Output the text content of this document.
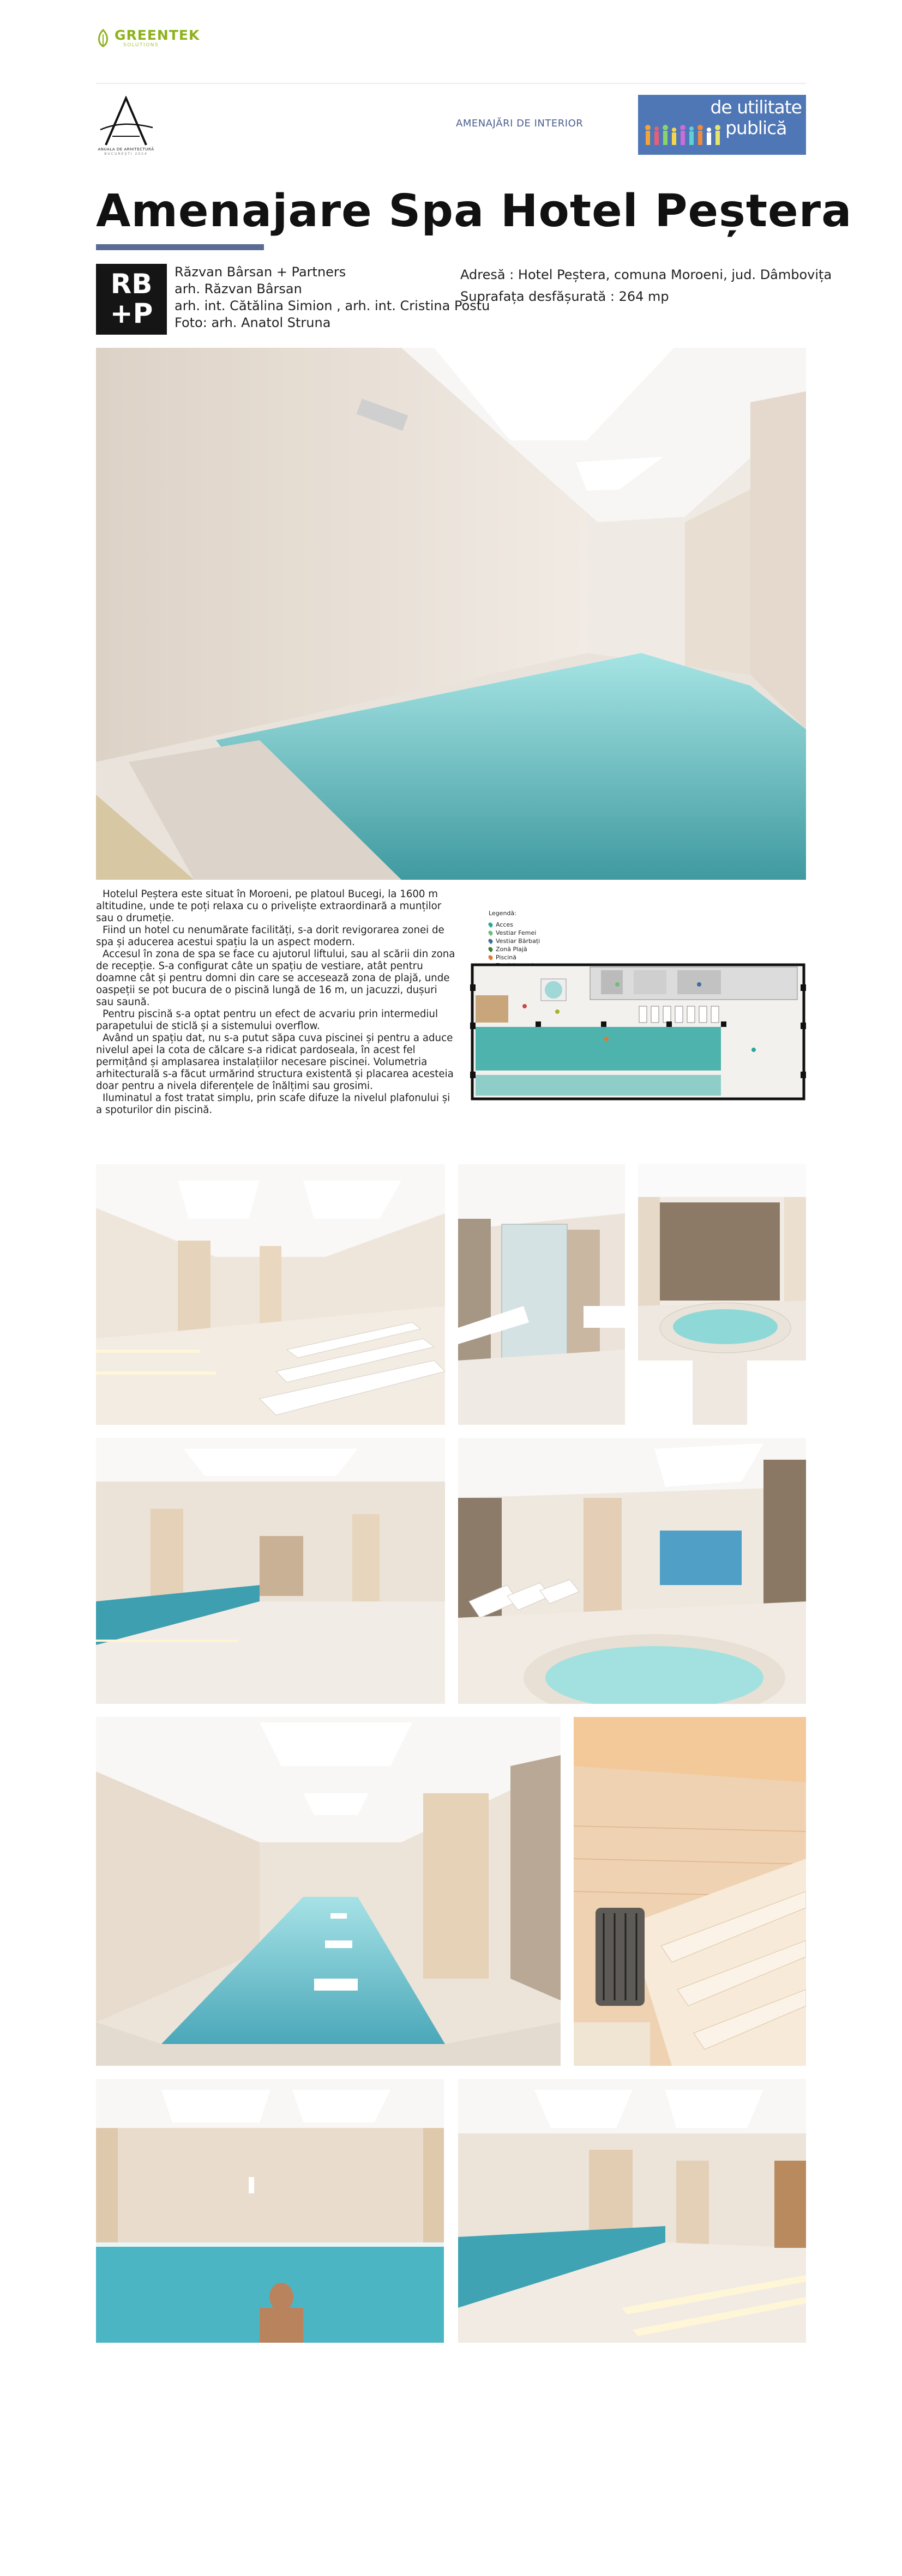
GREENTEK
SOLUTIONS
ANUALA DE ARHITECTURĂ
BUCUREȘTI 2024
AMENAJĂRI DE INTERIOR
de utilitate
publică
Amenajare Spa Hotel Peștera
RB
+P
Răzvan Bârsan + Partners
arh. Răzvan Bârsan
arh. int. Cătălina Simion , arh. int. Cristina Postu
Foto: arh. Anatol Struna
Adresă : Hotel Peștera, comuna Moroeni, jud. Dâmbovița
Suprafața desfășurată : 264 mp

Hotelul Peștera este situat în Moroeni, pe platoul Bucegi, la 1600 m altitudine, unde te poți relaxa cu o priveliște extraordinară a munților sau o drumeție.

Fiind un hotel cu nenumărate facilități, s-a dorit revigorarea zonei de spa și aducerea acestui spațiu la un aspect modern.

Accesul în zona de spa se face cu ajutorul liftului, sau al scării din zona de recepție. S-a configurat câte un spațiu de vestiare, atât pentru doamne cât și pentru domni din care se accesează zona de plajă, unde oaspeții se pot bucura de o piscină lungă de 16 m, un jacuzzi, dușuri sau saună.

Pentru piscină s-a optat pentru un efect de acvariu prin intermediul parapetului de sticlă și a sistemului overflow.

Având un spațiu dat, nu s-a putut săpa cuva piscinei și pentru a aduce nivelul apei la cota de călcare s-a ridicat pardoseala, în acest fel permițând și amplasarea instalațiilor necesare piscinei. Volumetria arhitecturală s-a făcut urmărind structura existentă și placarea acesteia doar pentru a nivela diferențele de înălțimi sau grosimi.

Iluminatul a fost tratat simplu, prin scafe difuze la nivelul plafonului și a spoturilor din piscină.

Legendă:
Acces
Vestiar Femei
Vestiar Bărbați
Zonă Plajă
Piscină
